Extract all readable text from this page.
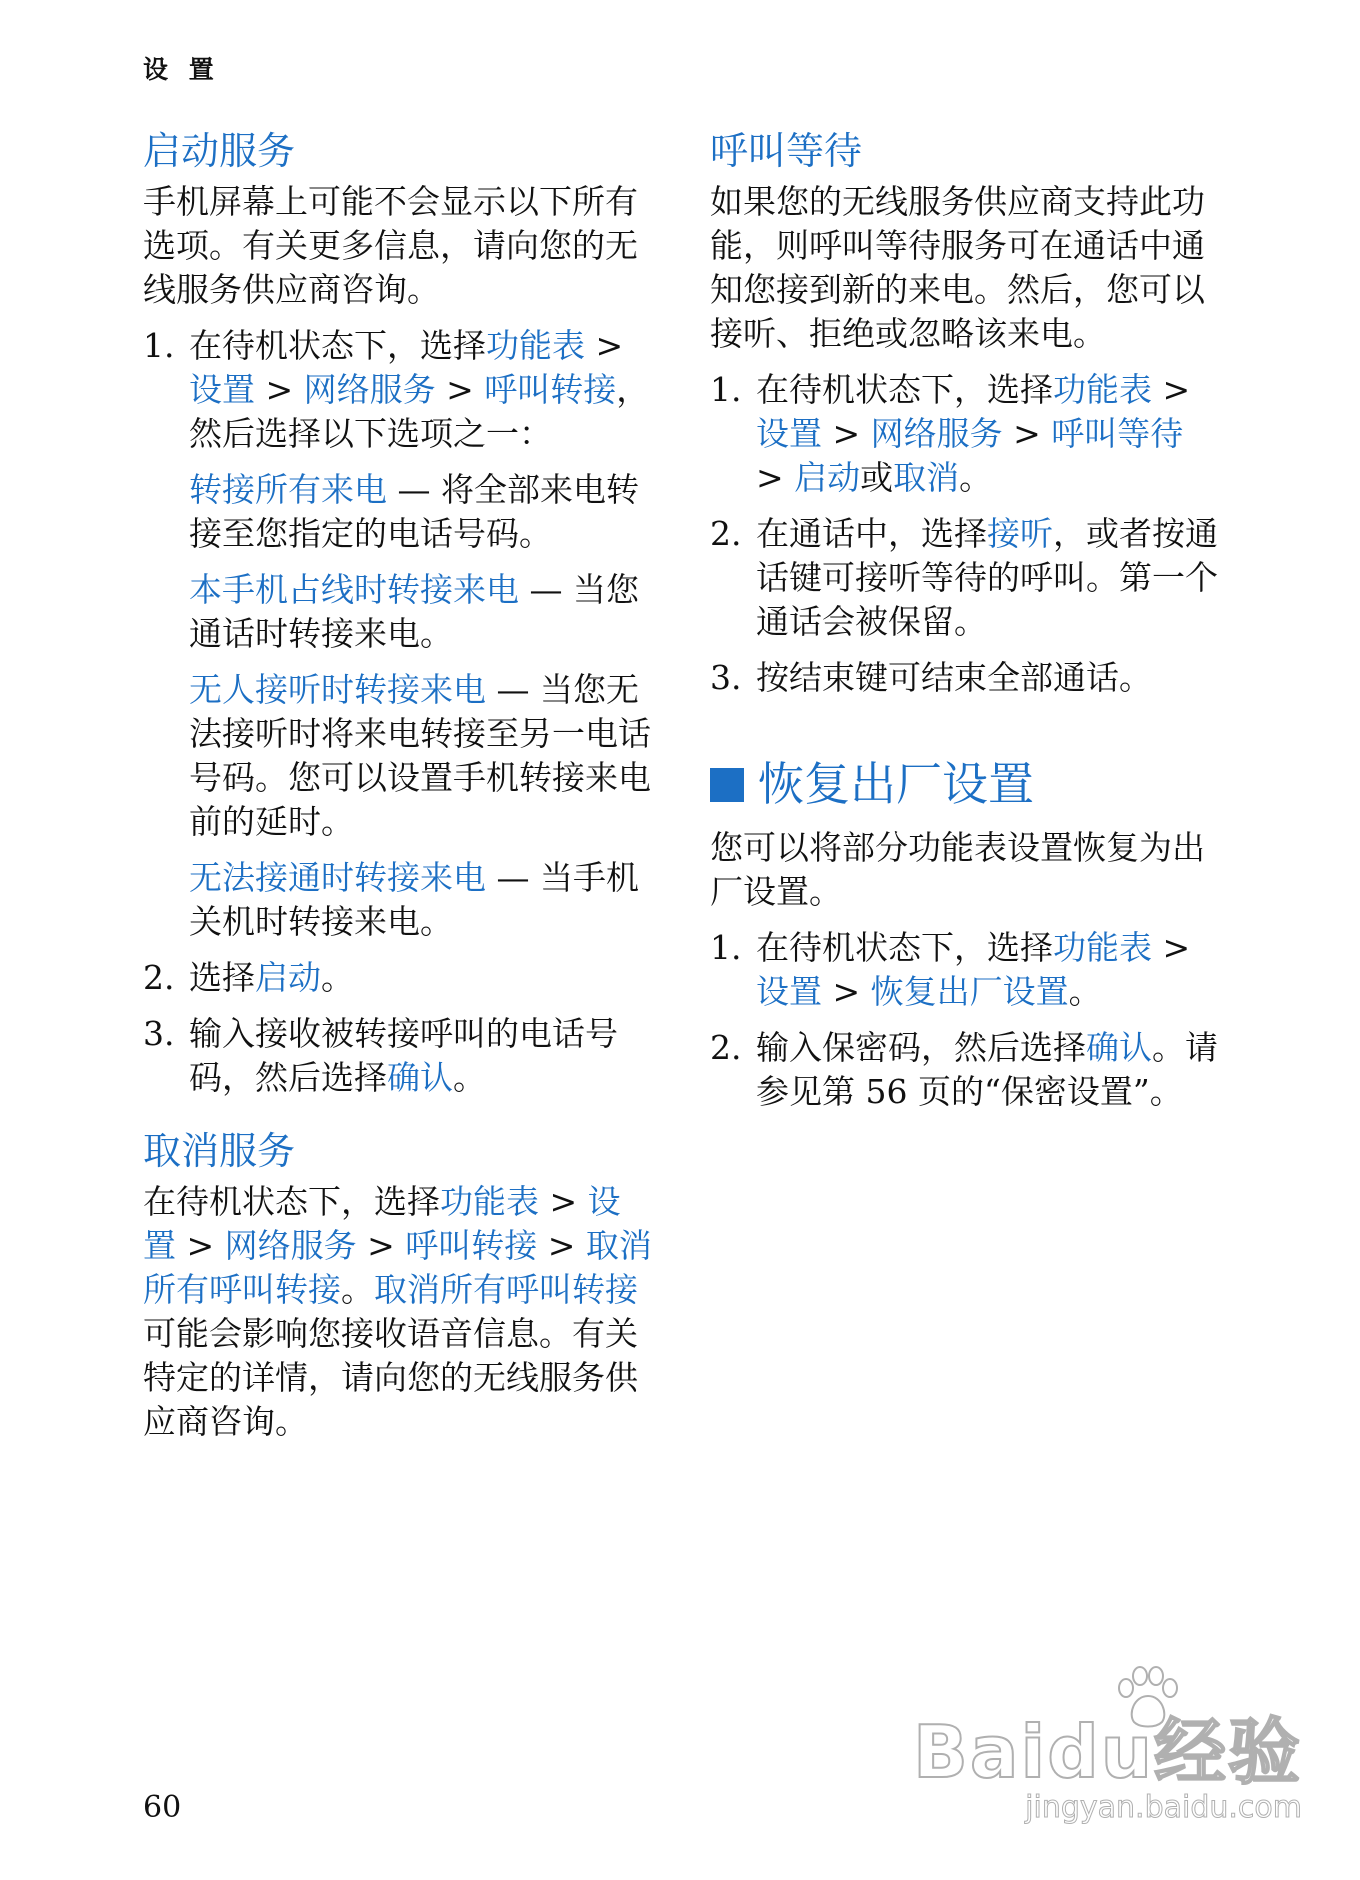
设 置
启动服务

手机屏幕上可能不会显示以下所有选项。有关更多信息，请向您的无线服务供应商咨询。

1. 在待机状态下，选择功能表 > 设置 > 网络服务 > 呼叫转接，然后选择以下选项之一：
转接所有来电 — 将全部来电转接至您指定的电话号码。
本手机占线时转接来电 — 当您通话时转接来电。
无人接听时转接来电 — 当您无法接听时将来电转接至另一电话号码。您可以设置手机转接来电前的延时。
无法接通时转接来电 — 当手机关机时转接来电。
2. 选择启动。
3. 输入接收被转接呼叫的电话号码，然后选择确认。
取消服务

在待机状态下，选择功能表 > 设置 > 网络服务 > 呼叫转接 > 取消所有呼叫转接。取消所有呼叫转接可能会影响您接收语音信息。有关特定的详情，请向您的无线服务供应商咨询。

呼叫等待

如果您的无线服务供应商支持此功能，则呼叫等待服务可在通话中通知您接到新的来电。然后，您可以接听、拒绝或忽略该来电。

1. 在待机状态下，选择功能表 > 设置 > 网络服务 > 呼叫等待 > 启动或取消。
2. 在通话中，选择接听，或者按通话键可接听等待的呼叫。第一个通话会被保留。
3. 按结束键可结束全部通话。
恢复出厂设置

您可以将部分功能表设置恢复为出厂设置。

1. 在待机状态下，选择功能表 > 设置 > 恢复出厂设置。
2. 输入保密码，然后选择确认。请参见第 56 页的“保密设置”。
60
Baidu经验
jingyan.baidu.com
